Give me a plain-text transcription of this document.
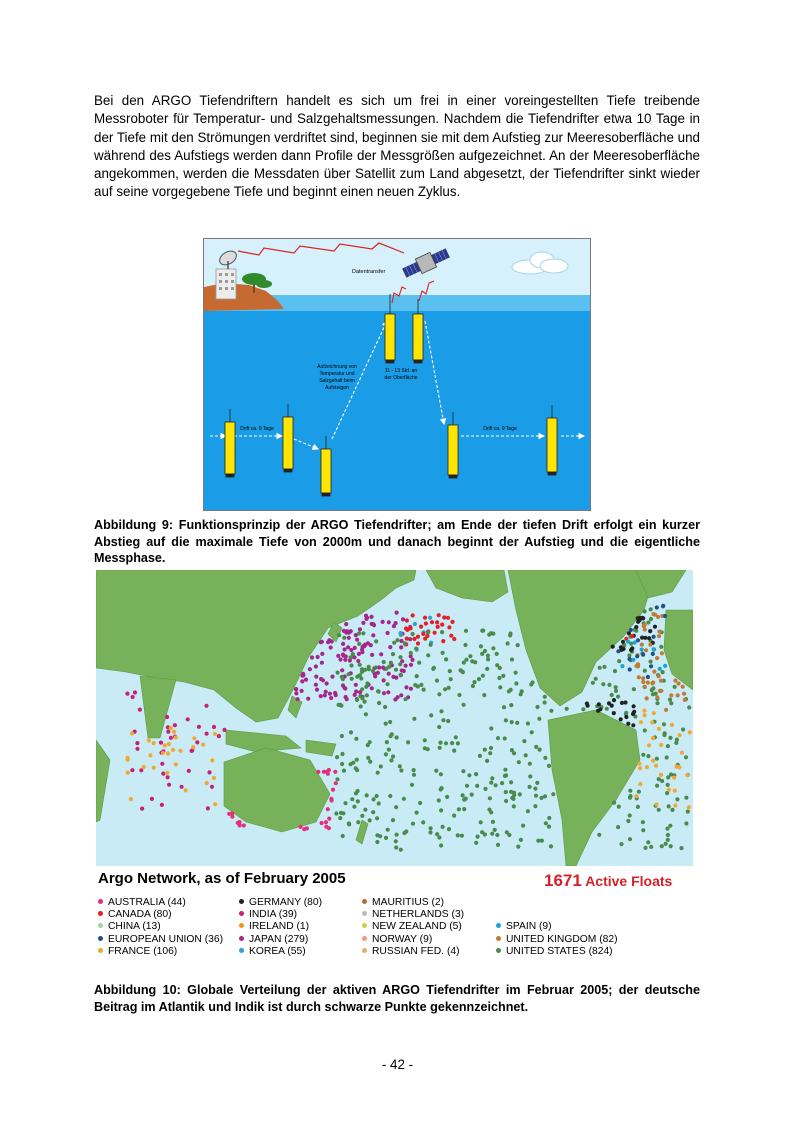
Bei den ARGO Tiefendriftern handelt es sich um frei in einer voreingestellten Tiefe treibende Messroboter für Temperatur- und Salzgehaltsmessungen. Nachdem die Tiefendrifter etwa 10 Tage in der Tiefe mit den Strömungen verdriftet sind, beginnen sie mit dem Aufstieg zur Meeresoberfläche und während des Aufstiegs werden dann Profile der Messgrößen aufgezeichnet. An der Meeresoberfläche angekommen, werden die Messdaten über Satellit zum Land abgesetzt, der Tiefendrifter sinkt wieder auf seine vorgegebene Tiefe und beginnt einen neuen Zyklus.

Datentransfer
Aufzeichnung von
Temperatur und
Salzgehalt beim
Aufsteigen
11 - 13 Std. an
der Oberfläche
Drift ca. 9 Tage	Drift ca. 9 Tage

Abbildung 9: Funktionsprinzip der ARGO Tiefendrifter; am Ende der tiefen Drift erfolgt ein kurzer Abstieg auf die maximale Tiefe von 2000m und danach beginnt der Aufstieg und die eigentliche Messphase.

Argo Network, as of February 2005	1671 Active Floats
AUSTRALIA (44)
CANADA (80)
CHINA (13)
EUROPEAN UNION (36)
FRANCE (106)
GERMANY (80)
INDIA (39)
IRELAND (1)
JAPAN (279)
KOREA (55)
MAURITIUS (2)
NETHERLANDS (3)
NEW ZEALAND (5)
NORWAY (9)
RUSSIAN FED. (4)
SPAIN (9)
UNITED KINGDOM (82)
UNITED STATES (824)

Abbildung 10: Globale Verteilung der aktiven ARGO Tiefendrifter im Februar 2005; der deutsche Beitrag im Atlantik und Indik ist durch schwarze Punkte gekennzeichnet.

- 42 -
